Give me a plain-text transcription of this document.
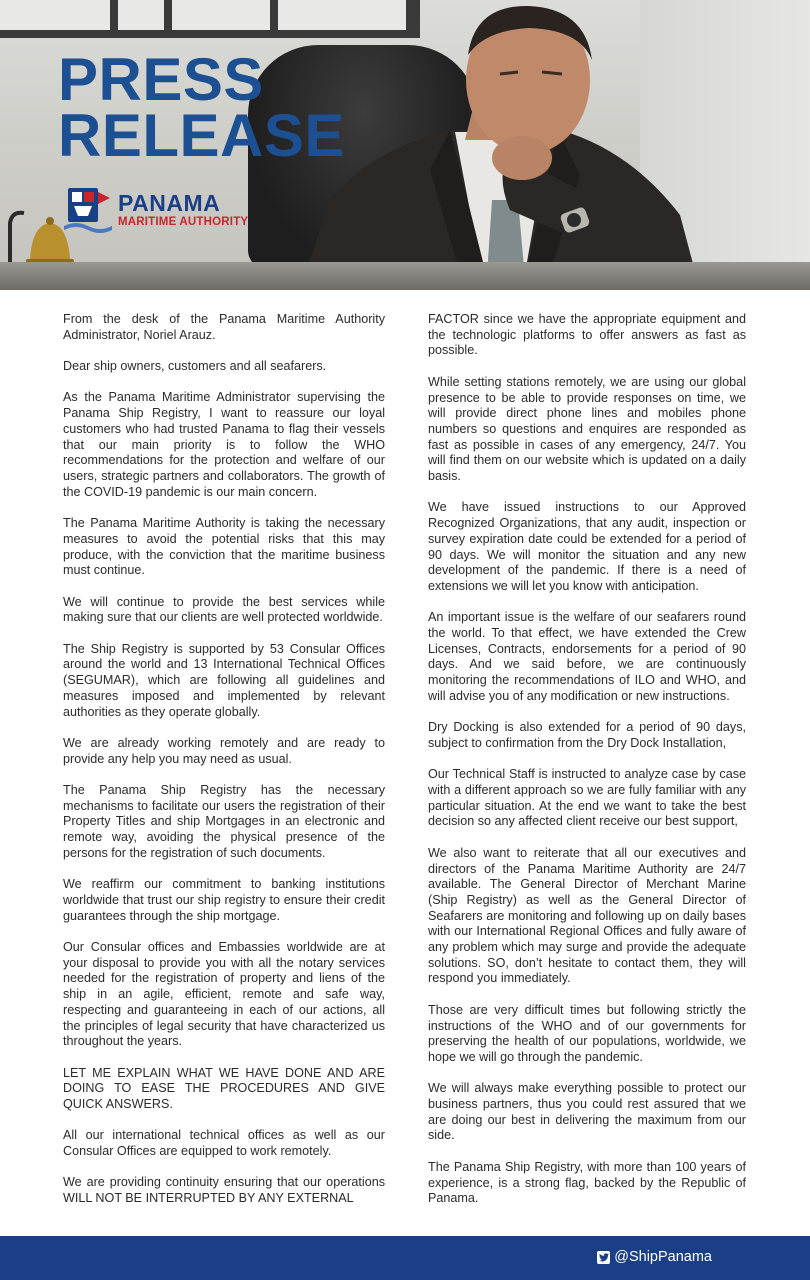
PRESS
RELEASE
PANAMA
MARITIME AUTHORITY

From the desk of the Panama Maritime Authority Administrator, Noriel Arauz.

Dear ship owners, customers and all seafarers.

As the Panama Maritime Administrator supervising the Panama Ship Registry, I want to reassure our loyal customers who had trusted Panama to flag their vessels that our main priority is to follow the WHO recommendations for the protection and welfare of our users, strategic partners and collaborators. The growth of the COVID-19 pandemic is our main concern.

The Panama Maritime Authority is taking the necessary measures to avoid the potential risks that this may produce, with the conviction that the maritime business must continue.

We will continue to provide the best services while making sure that our clients are well protected worldwide.

The Ship Registry is supported by 53 Consular Offices around the world and 13 International Technical Offices (SEGUMAR), which are following all guidelines and measures imposed and implemented by relevant authorities as they operate globally.

We are already working remotely and are ready to provide any help you may need as usual.

The Panama Ship Registry has the necessary mechanisms to facilitate our users the registration of their Property Titles and ship Mortgages in an electronic and remote way, avoiding the physical presence of the persons for the registration of such documents.

We reaffirm our commitment to banking institutions worldwide that trust our ship registry to ensure their credit guarantees through the ship mortgage.

Our Consular offices and Embassies worldwide are at your disposal to provide you with all the notary services needed for the registration of property and liens of the ship in an agile, efficient, remote and safe way, respecting and guaranteeing in each of our actions, all the principles of legal security that have characterized us throughout the years.

LET ME EXPLAIN WHAT WE HAVE DONE AND ARE DOING TO EASE THE PROCEDURES AND GIVE QUICK ANSWERS.

All our international technical offices as well as our Consular Offices are equipped to work remotely.

We are providing continuity ensuring that our operations WILL NOT BE INTERRUPTED BY ANY EXTERNAL

FACTOR since we have the appropriate equipment and the technologic platforms to offer answers as fast as possible.

While setting stations remotely, we are using our global presence to be able to provide responses on time, we will provide direct phone lines and mobiles phone numbers so questions and enquires are responded as fast as possible in cases of any emergency, 24/7. You will find them on our website which is updated on a daily basis.

We have issued instructions to our Approved Recognized Organizations, that any audit, inspection or survey expiration date could be extended for a period of 90 days. We will monitor the situation and any new development of the pandemic. If there is a need of extensions we will let you know with anticipation.

An important issue is the welfare of our seafarers round the world. To that effect, we have extended the Crew Licenses, Contracts, endorsements for a period of 90 days. And we said before, we are continuously monitoring the recommendations of ILO and WHO, and will advise you of any modification or new instructions.

Dry Docking is also extended for a period of 90 days, subject to confirmation from the Dry Dock Installation,

Our Technical Staff is instructed to analyze case by case with a different approach so we are fully familiar with any particular situation. At the end we want to take the best decision so any affected client receive our best support,

We also want to reiterate that all our executives and directors of the Panama Maritime Authority are 24/7 available. The General Director of Merchant Marine (Ship Registry) as well as the General Director of Seafarers are monitoring and following up on daily bases with our International Regional Offices and fully aware of any problem which may surge and provide the adequate solutions. SO, don’t hesitate to contact them, they will respond you immediately.

Those are very difficult times but following strictly the instructions of the WHO and of our governments for preserving the health of our populations, worldwide, we hope we will go through the pandemic.

We will always make everything possible to protect our business partners, thus you could rest assured that we are doing our best in delivering the maximum from our side.

The Panama Ship Registry, with more than 100 years of experience, is a strong flag, backed by the Republic of Panama.

@ShipPanama
